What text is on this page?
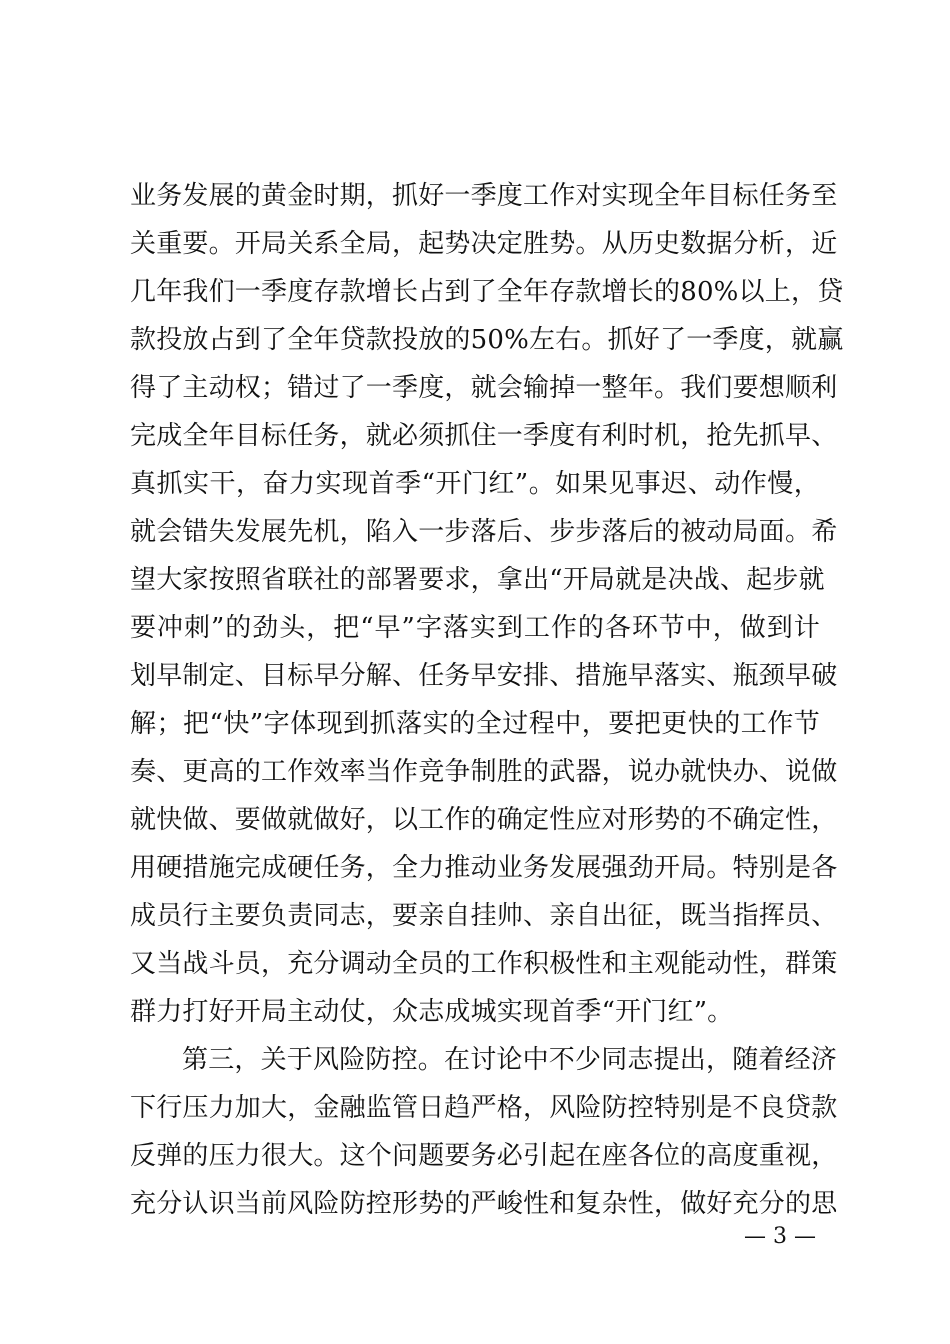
业务发展的黄金时期，抓好一季度工作对实现全年目标任务至
关重要。开局关系全局，起势决定胜势。从历史数据分析，近
几年我们一季度存款增长占到了全年存款增长的80%以上，贷
款投放占到了全年贷款投放的50%左右。抓好了一季度，就赢
得了主动权；错过了一季度，就会输掉一整年。我们要想顺利
完成全年目标任务，就必须抓住一季度有利时机，抢先抓早、
真抓实干，奋力实现首季“开门红”。如果见事迟、动作慢，
就会错失发展先机，陷入一步落后、步步落后的被动局面。希
望大家按照省联社的部署要求，拿出“开局就是决战、起步就
要冲刺”的劲头，把“早”字落实到工作的各环节中，做到计
划早制定、目标早分解、任务早安排、措施早落实、瓶颈早破
解；把“快”字体现到抓落实的全过程中，要把更快的工作节
奏、更高的工作效率当作竞争制胜的武器，说办就快办、说做
就快做、要做就做好，以工作的确定性应对形势的不确定性，
用硬措施完成硬任务，全力推动业务发展强劲开局。特别是各
成员行主要负责同志，要亲自挂帅、亲自出征，既当指挥员、
又当战斗员，充分调动全员的工作积极性和主观能动性，群策
群力打好开局主动仗，众志成城实现首季“开门红”。
第三，关于风险防控。在讨论中不少同志提出，随着经济
下行压力加大，金融监管日趋严格，风险防控特别是不良贷款
反弹的压力很大。这个问题要务必引起在座各位的高度重视，
充分认识当前风险防控形势的严峻性和复杂性，做好充分的思
— 3 —
